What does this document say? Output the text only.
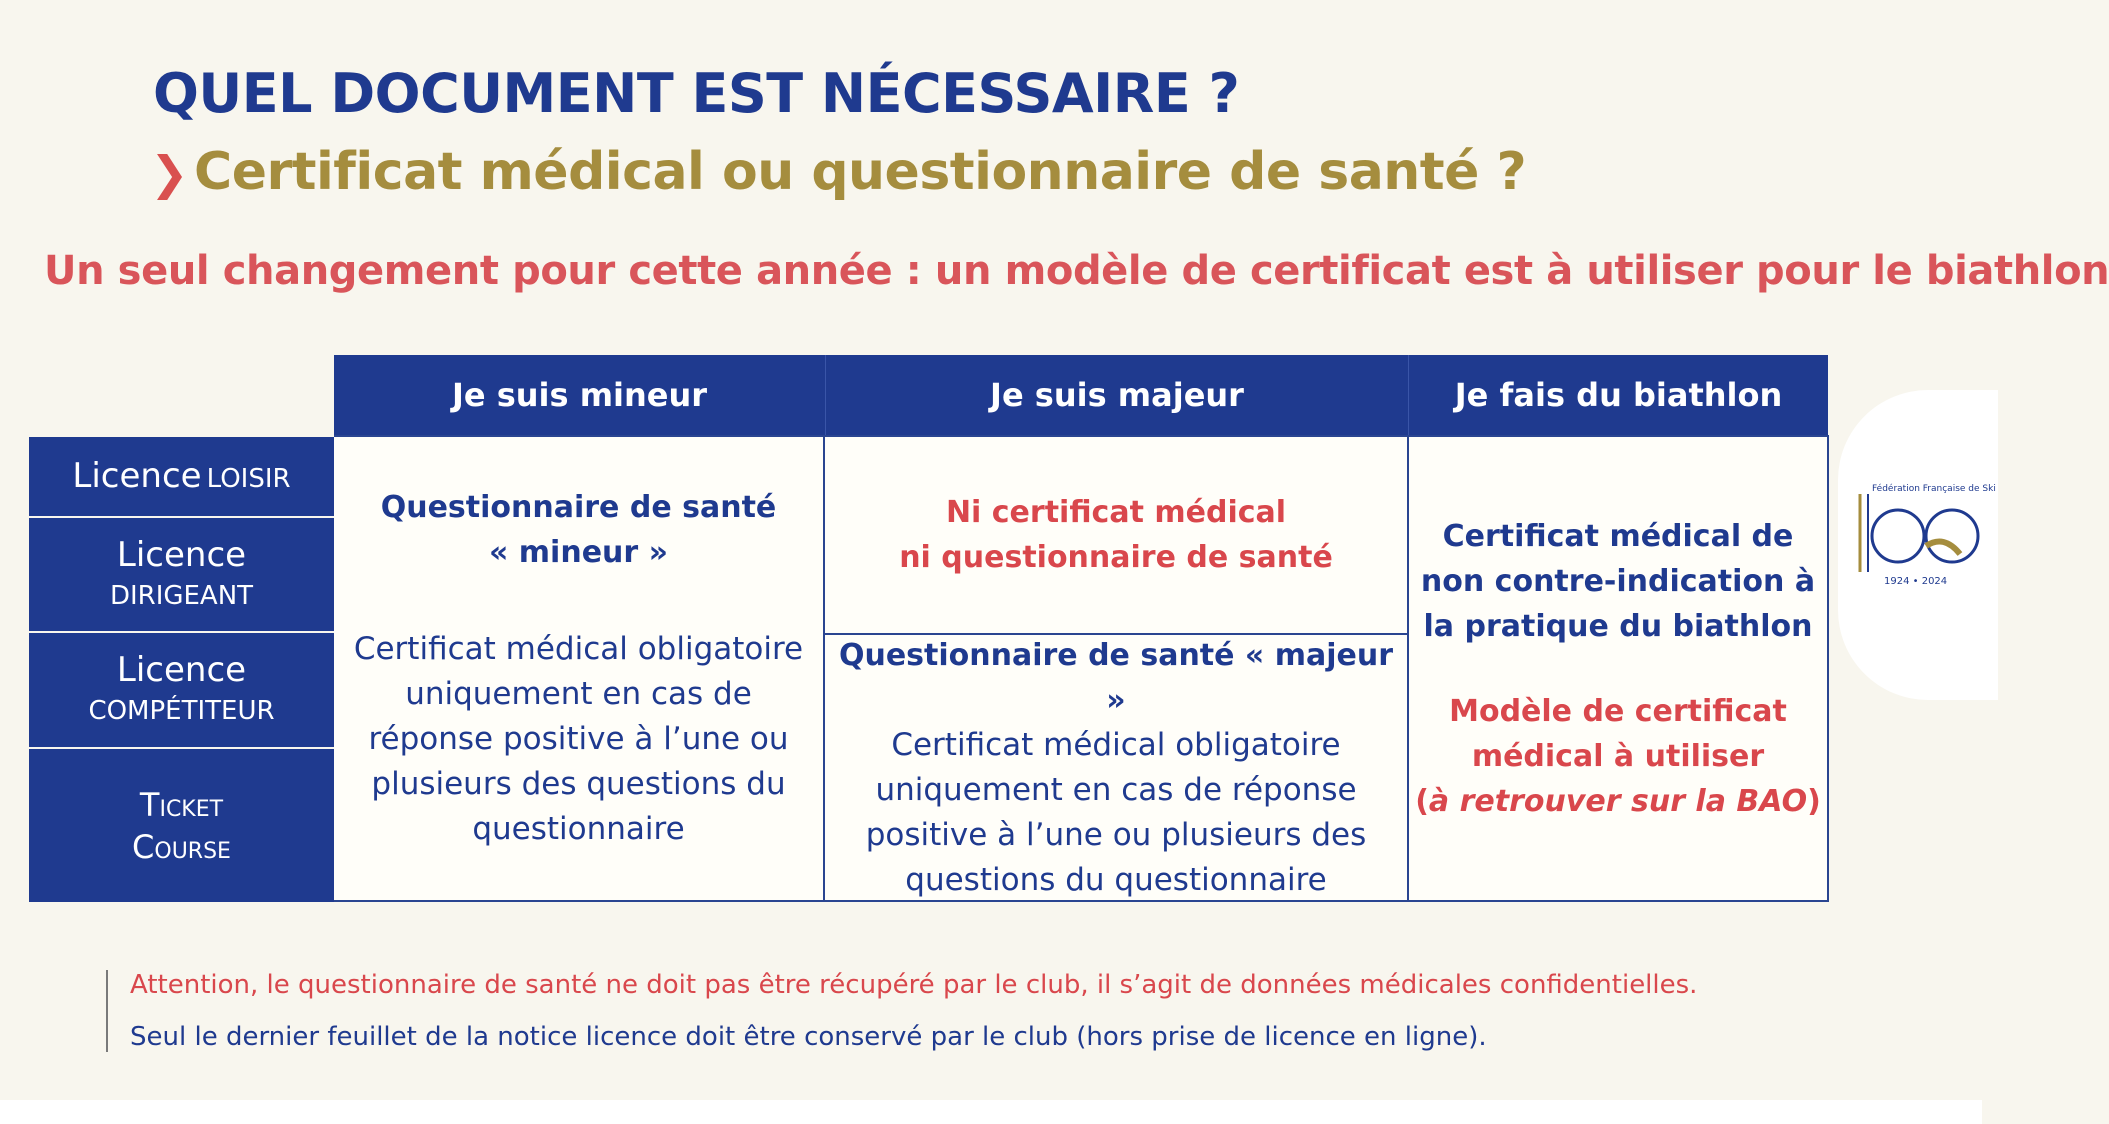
QUEL DOCUMENT EST NÉCESSAIRE ?
❯ Certificat médical ou questionnaire de santé ?
Un seul changement pour cette année : un modèle de certificat est à utiliser pour le biathlon
Je suis mineur	Je suis majeur	Je fais du biathlon
Licence LOISIR
Licence
DIRIGEANT
Licence
COMPÉTITEUR
Ticket
Course
Questionnaire de santé
« mineur »
Certificat médical obligatoire
uniquement en cas de
réponse positive à l’une ou
plusieurs des questions du
questionnaire
Ni certificat médical
ni questionnaire de santé
Questionnaire de santé « majeur »
Certificat médical obligatoire
uniquement en cas de réponse
positive à l’une ou plusieurs des
questions du questionnaire
Certificat médical de
non contre-indication à
la pratique du biathlon
Modèle de certificat
médical à utiliser
(à retrouver sur la BAO)
Attention, le questionnaire de santé ne doit pas être récupéré par le club, il s’agit de données médicales confidentielles.
Seul le dernier feuillet de la notice licence doit être conservé par le club (hors prise de licence en ligne).
Fédération Française de Ski
1924 • 2024
